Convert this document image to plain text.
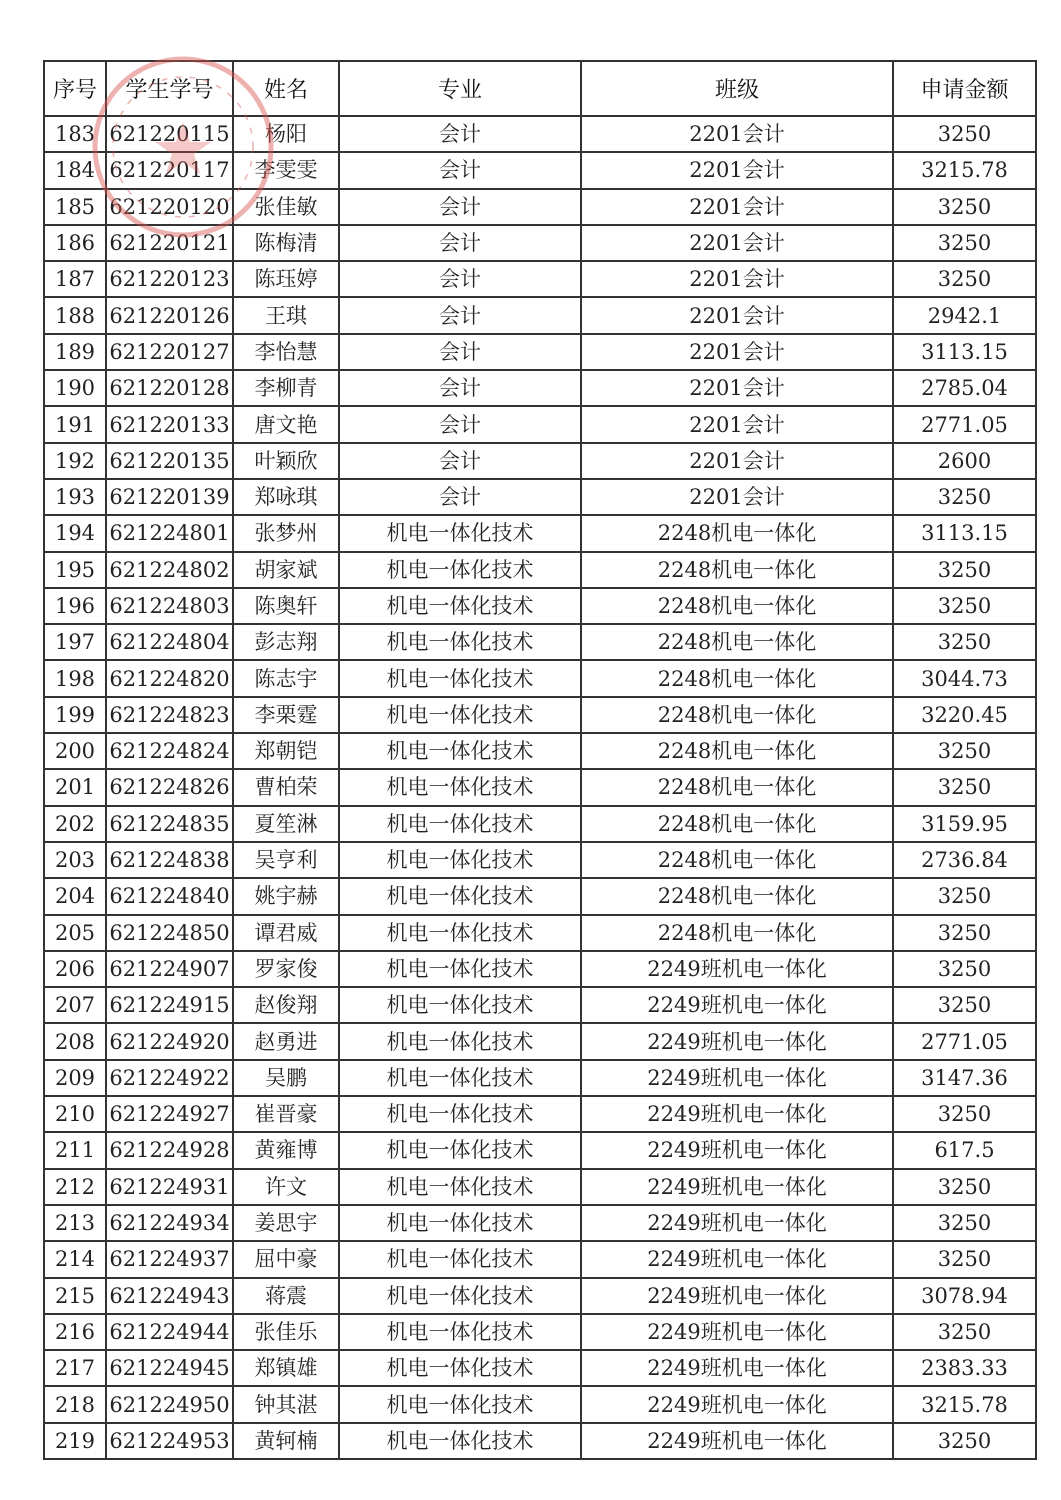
序号	学生学号	姓名	专业	班级	申请金额
183	621220115	杨阳	会计	2201会计	3250
184	621220117	李雯雯	会计	2201会计	3215.78
185	621220120	张佳敏	会计	2201会计	3250
186	621220121	陈梅清	会计	2201会计	3250
187	621220123	陈珏婷	会计	2201会计	3250
188	621220126	王琪	会计	2201会计	2942.1
189	621220127	李怡慧	会计	2201会计	3113.15
190	621220128	李柳青	会计	2201会计	2785.04
191	621220133	唐文艳	会计	2201会计	2771.05
192	621220135	叶颖欣	会计	2201会计	2600
193	621220139	郑咏琪	会计	2201会计	3250
194	621224801	张梦州	机电一体化技术	2248机电一体化	3113.15
195	621224802	胡家斌	机电一体化技术	2248机电一体化	3250
196	621224803	陈奥轩	机电一体化技术	2248机电一体化	3250
197	621224804	彭志翔	机电一体化技术	2248机电一体化	3250
198	621224820	陈志宇	机电一体化技术	2248机电一体化	3044.73
199	621224823	李栗霆	机电一体化技术	2248机电一体化	3220.45
200	621224824	郑朝铠	机电一体化技术	2248机电一体化	3250
201	621224826	曹柏荣	机电一体化技术	2248机电一体化	3250
202	621224835	夏笙淋	机电一体化技术	2248机电一体化	3159.95
203	621224838	吴亨利	机电一体化技术	2248机电一体化	2736.84
204	621224840	姚宇赫	机电一体化技术	2248机电一体化	3250
205	621224850	谭君威	机电一体化技术	2248机电一体化	3250
206	621224907	罗家俊	机电一体化技术	2249班机电一体化	3250
207	621224915	赵俊翔	机电一体化技术	2249班机电一体化	3250
208	621224920	赵勇进	机电一体化技术	2249班机电一体化	2771.05
209	621224922	吴鹏	机电一体化技术	2249班机电一体化	3147.36
210	621224927	崔晋豪	机电一体化技术	2249班机电一体化	3250
211	621224928	黄雍博	机电一体化技术	2249班机电一体化	617.5
212	621224931	许文	机电一体化技术	2249班机电一体化	3250
213	621224934	姜思宇	机电一体化技术	2249班机电一体化	3250
214	621224937	屈中豪	机电一体化技术	2249班机电一体化	3250
215	621224943	蒋震	机电一体化技术	2249班机电一体化	3078.94
216	621224944	张佳乐	机电一体化技术	2249班机电一体化	3250
217	621224945	郑镇雄	机电一体化技术	2249班机电一体化	2383.33
218	621224950	钟其湛	机电一体化技术	2249班机电一体化	3215.78
219	621224953	黄轲楠	机电一体化技术	2249班机电一体化	3250
